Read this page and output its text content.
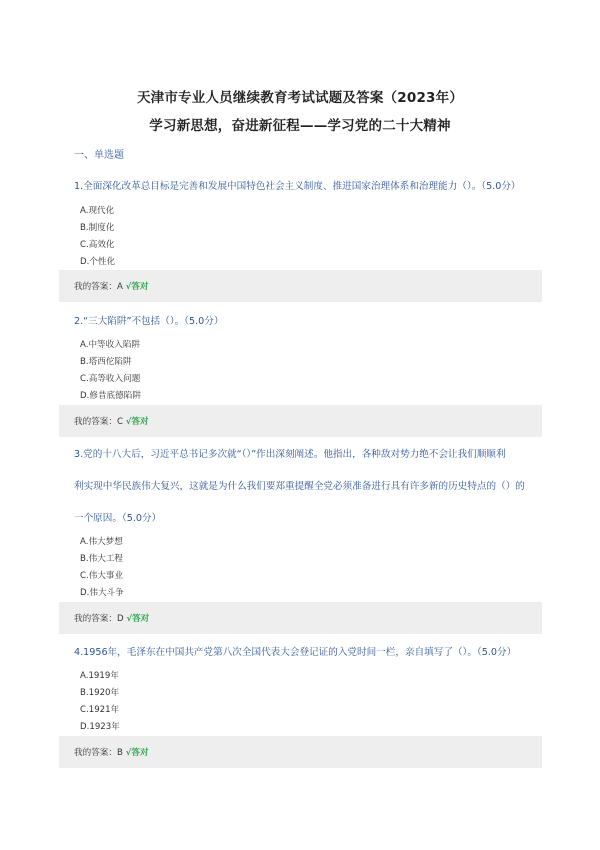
天津市专业人员继续教育考试试题及答案（2023年）
学习新思想，奋进新征程——学习党的二十大精神
一、单选题
1.全面深化改革总目标是完善和发展中国特色社会主义制度、推进国家治理体系和治理能力（）。（5.0分）
A.现代化
B.制度化
C.高效化
D.个性化
我的答案：A √答对
2.“三大陷阱”不包括（）。（5.0分）
A.中等收入陷阱
B.塔西佗陷阱
C.高等收入问题
D.修昔底德陷阱
我的答案：C √答对
3.党的十八大后，习近平总书记多次就“（）”作出深刻阐述。他指出，各种敌对势力绝不会让我们顺顺利
利实现中华民族伟大复兴，这就是为什么我们要郑重提醒全党必须准备进行具有许多新的历史特点的（）的
一个原因。（5.0分）
A.伟大梦想
B.伟大工程
C.伟大事业
D.伟大斗争
我的答案：D √答对
4.1956年，毛泽东在中国共产党第八次全国代表大会登记证的入党时间一栏，亲自填写了（）。（5.0分）
A.1919年
B.1920年
C.1921年
D.1923年
我的答案：B √答对
